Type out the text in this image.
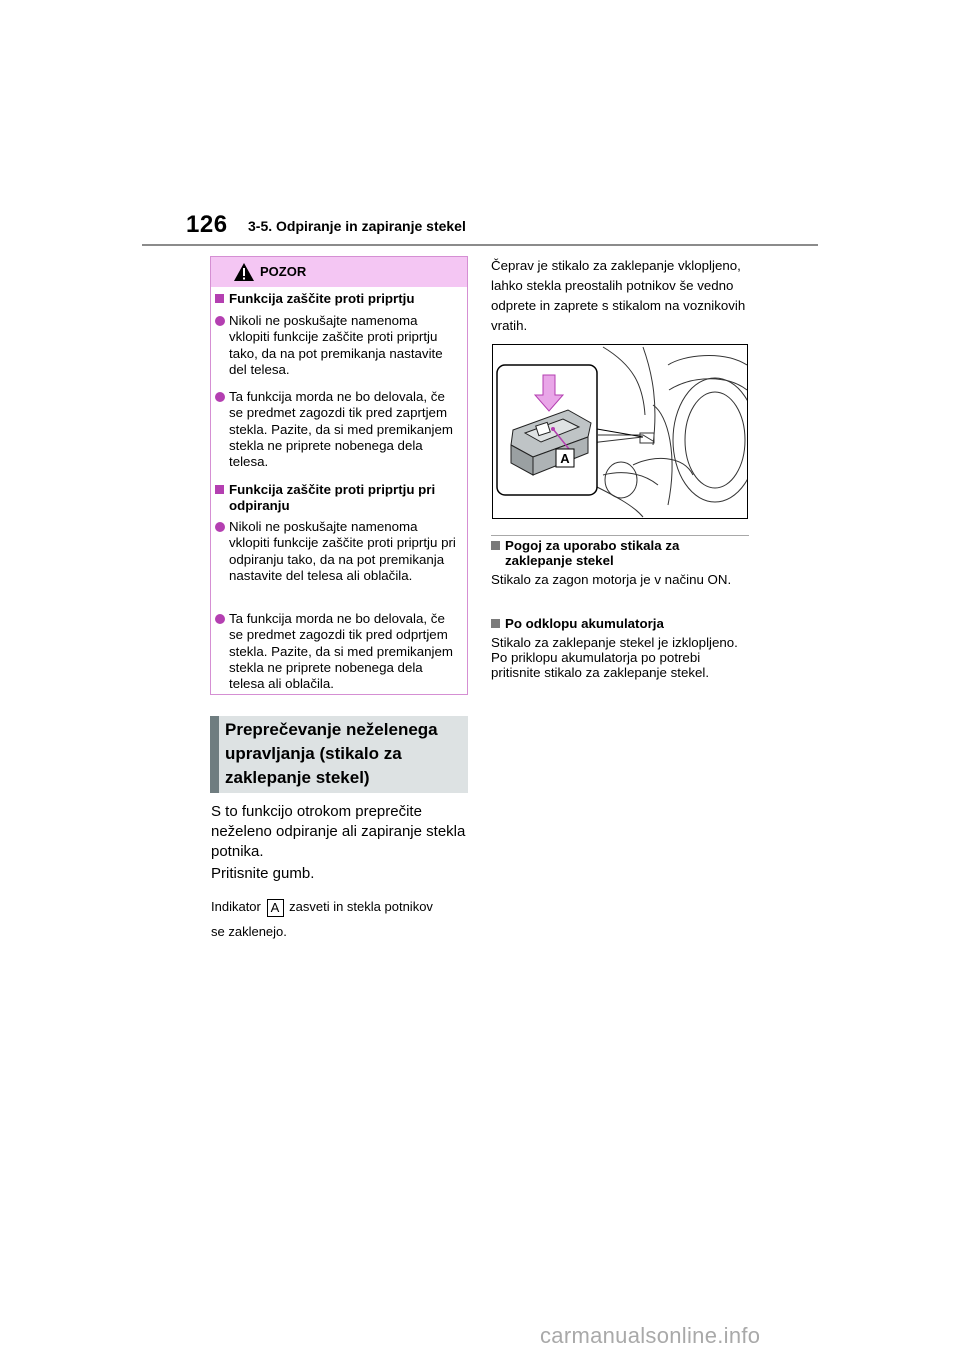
126 3-5. Odpiranje in zapiranje stekel
POZOR
Funkcija zaščite proti priprtju
Nikoli ne poskušajte namenoma vklopiti funkcije zaščite proti priprtju tako, da na pot premikanja nastavite del telesa.
Ta funkcija morda ne bo delovala, če se predmet zagozdi tik pred zaprtjem stekla. Pazite, da si med premikanjem stekla ne priprete nobenega dela telesa.
Funkcija zaščite proti priprtju pri odpiranju
Nikoli ne poskušajte namenoma vklopiti funkcije zaščite proti priprtju pri odpiranju tako, da na pot premikanja nastavite del telesa ali oblačila.
Ta funkcija morda ne bo delovala, če se predmet zagozdi tik pred odprtjem stekla. Pazite, da si med premikanjem stekla ne priprete nobenega dela telesa ali oblačila.
Preprečevanje neželenega upravljanja (stikalo za zaklepanje stekel)
S to funkcijo otrokom preprečite neželeno odpiranje ali zapiranje stekla potnika.
Pritisnite gumb.
Indikator A zasveti in stekla potnikov
se zaklenejo.
Čeprav je stikalo za zaklepanje vklopljeno, lahko stekla preostalih potnikov še vedno odprete in zaprete s stikalom na voznikovih vratih.
A
Pogoj za uporabo stikala za zaklepanje stekel
Stikalo za zagon motorja je v načinu ON.
Po odklopu akumulatorja
Stikalo za zaklepanje stekel je izklopljeno. Po priklopu akumulatorja po potrebi pritisnite stikalo za zaklepanje stekel.
carmanualsonline.info
